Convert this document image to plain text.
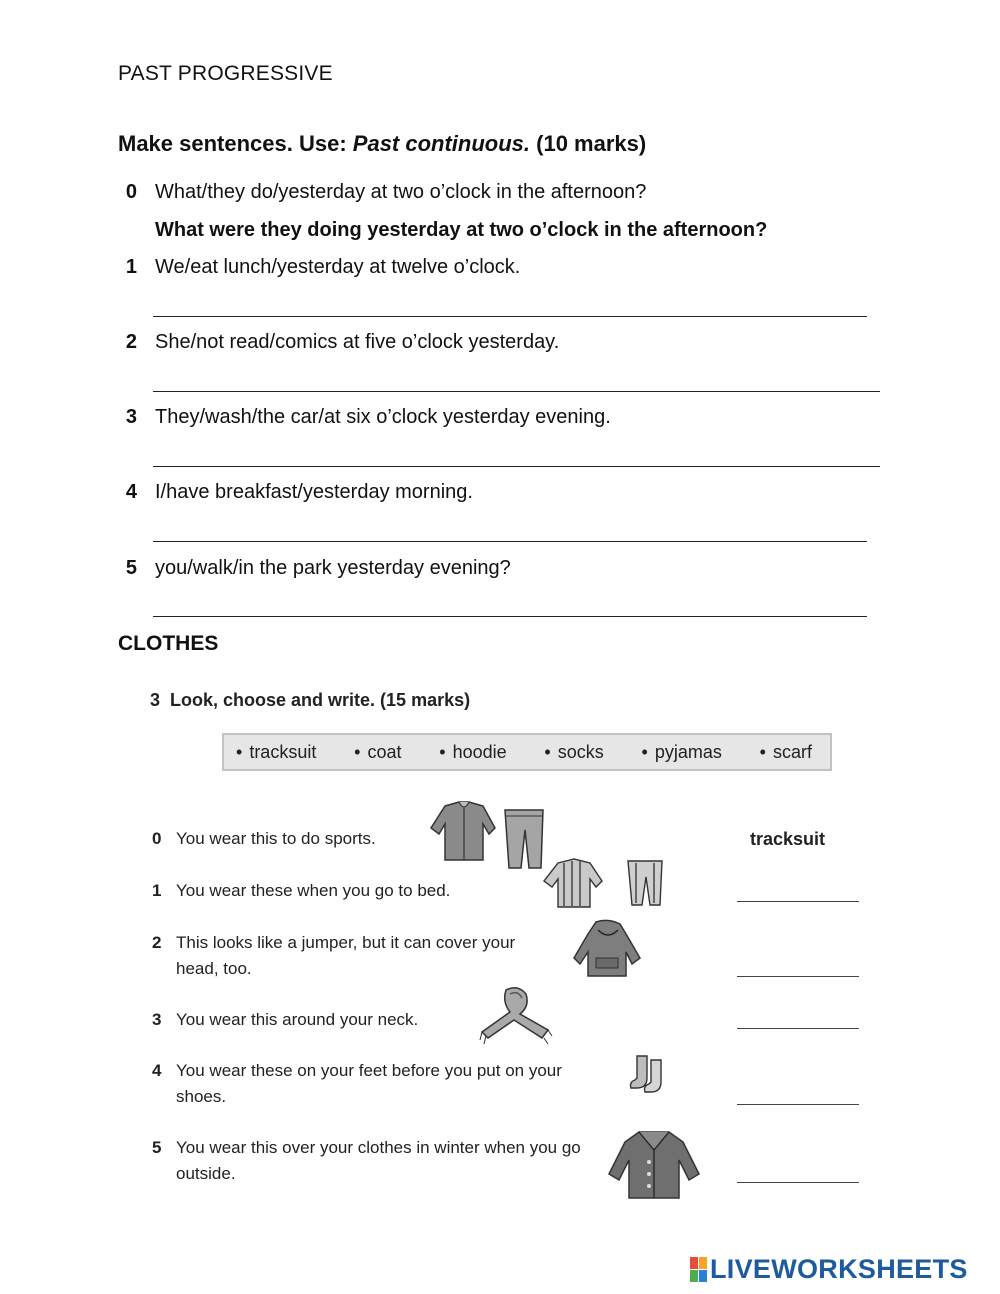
PAST PROGRESSIVE
Make sentences. Use: Past continuous. (10 marks)
0 What/they do/yesterday at two o’clock in the afternoon?
What were they doing yesterday at two o’clock in the afternoon?
1 We/eat lunch/yesterday at twelve o’clock.
2 She/not read/comics at five o’clock yesterday.
3 They/wash/the car/at six o’clock yesterday evening.
4 I/have breakfast/yesterday morning.
5 you/walk/in the park yesterday evening?
CLOTHES
3 Look, choose and write. (15 marks)
• tracksuit	• coat	• hoodie	• socks	• pyjamas	• scarf
0 You wear this to do sports.	tracksuit
1 You wear these when you go to bed.
2 This looks like a jumper, but it can cover your head, too.
3 You wear this around your neck.
4 You wear these on your feet before you put on your shoes.
5 You wear this over your clothes in winter when you go outside.
LIVEWORKSHEETS
